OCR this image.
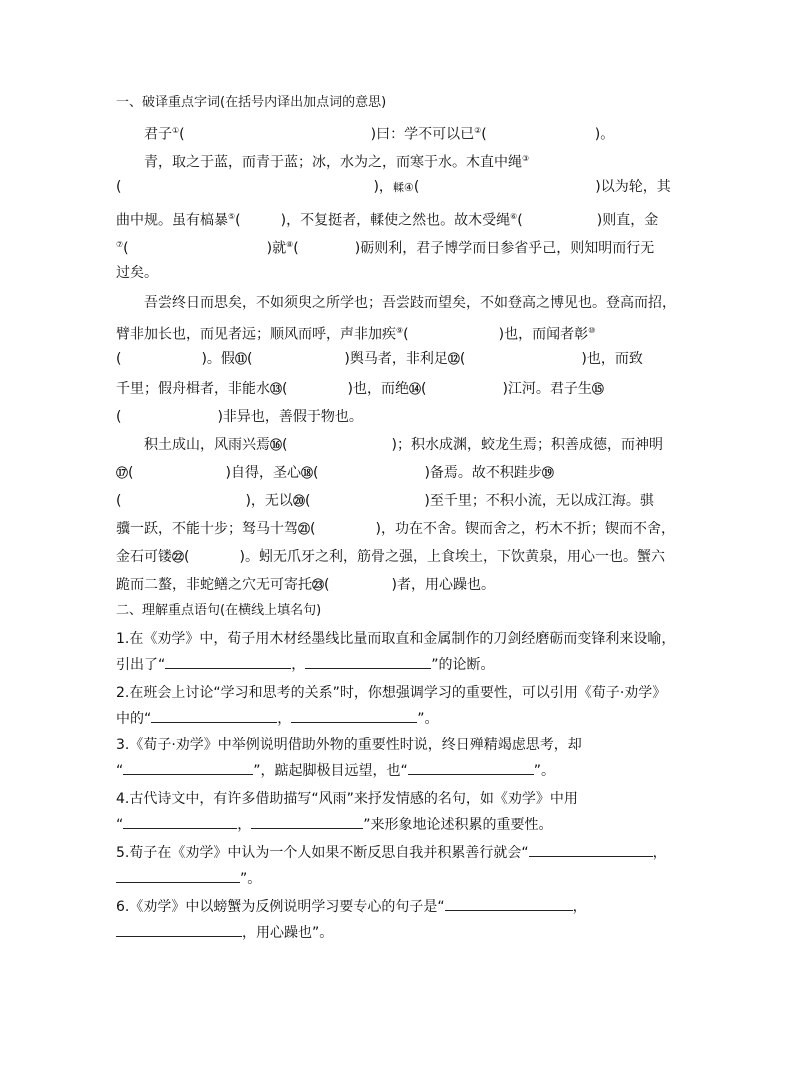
一、破译重点字词(在括号内译出加点词的意思)
君子①(	)曰：学不可以已②(	)。
青，取之于蓝，而青于蓝；冰，水为之，而寒于水。木直中绳③
(	)，輮④(	)以为轮，其
曲中规。虽有槁暴⑤(	)，不复挺者，輮使之然也。故木受绳⑥(	)则直，金
⑦(	)就⑧(	)砺则利，君子博学而日参省乎己，则知明而行无
过矣。
吾尝终日而思矣，不如须臾之所学也；吾尝跂而望矣，不如登高之博见也。登高而招，
臂非加长也，而见者远；顺风而呼，声非加疾⑨(	)也，而闻者彰⑩
(	)。假⑪(	)舆马者，非利足⑫(	)也，而致
千里；假舟楫者，非能水⑬(	)也，而绝⑭(	)江河。君子生⑮
(	)非异也，善假于物也。
积土成山，风雨兴焉⑯(	)；积水成渊，蛟龙生焉；积善成德，而神明
⑰(	)自得，圣心⑱(	)备焉。故不积跬步⑲
(	)，无以⑳(	)至千里；不积小流，无以成江海。骐
骥一跃，不能十步；驽马十驾㉑(	)，功在不舍。锲而舍之，朽木不折；锲而不舍，
金石可镂㉒(	)。蚓无爪牙之利，筋骨之强，上食埃土，下饮黄泉，用心一也。蟹六
跪而二螯，非蛇鳝之穴无可寄托㉓(	)者，用心躁也。
二、理解重点语句(在横线上填名句)
1.在《劝学》中，荀子用木材经墨线比量而取直和金属制作的刀剑经磨砺而变锋利来设喻，
引出了“	，	”的论断。
2.在班会上讨论“学习和思考的关系”时，你想强调学习的重要性，可以引用《荀子·劝学》
中的“	，	”。
3.《荀子·劝学》中举例说明借助外物的重要性时说，终日殚精竭虑思考，却
“	”，踮起脚极目远望，也“	”。
4.古代诗文中，有许多借助描写“风雨”来抒发情感的名句，如《劝学》中用
“	，	”来形象地论述积累的重要性。
5.荀子在《劝学》中认为一个人如果不断反思自我并积累善行就会“	，
”。
6.《劝学》中以螃蟹为反例说明学习要专心的句子是“	，
，用心躁也”。
